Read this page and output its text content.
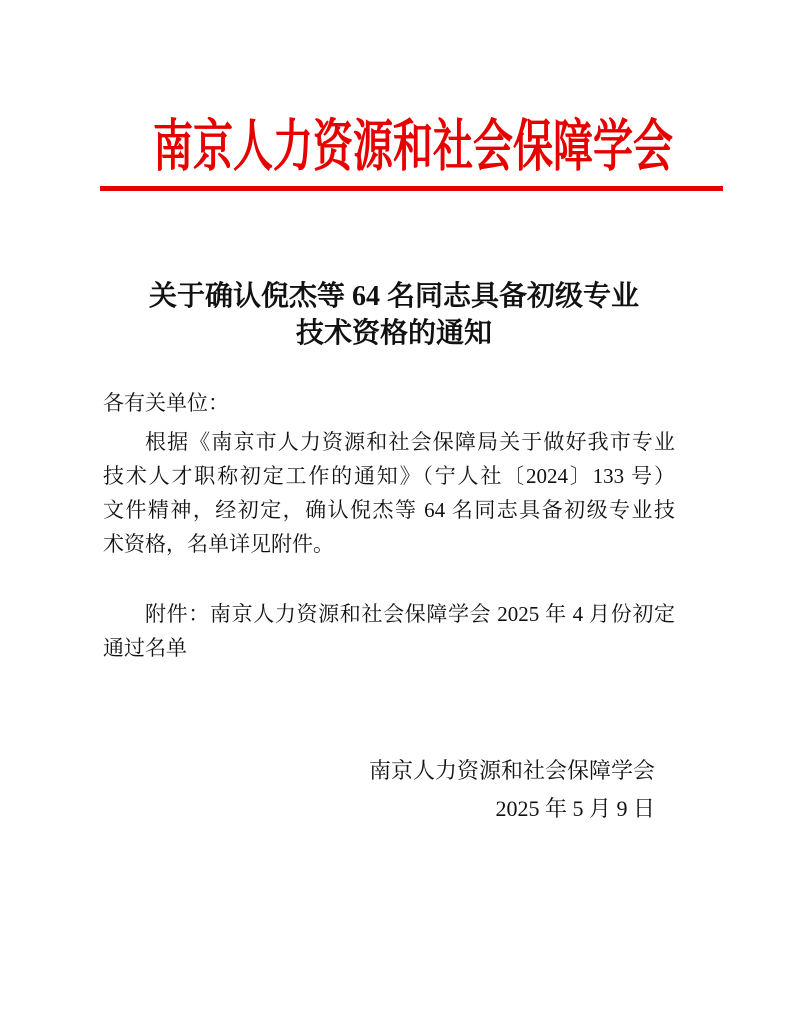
南京人力资源和社会保障学会
关于确认倪杰等 64 名同志具备初级专业
技术资格的通知

各有关单位：

根据《南京市人力资源和社会保障局关于做好我市专业
技术人才职称初定工作的通知》（宁人社〔2024〕133 号）
文件精神，经初定，确认倪杰等 64 名同志具备初级专业技
术资格，名单详见附件。
附件：南京人力资源和社会保障学会 2025 年 4 月份初定
通过名单
南京人力资源和社会保障学会
2025 年 5 月 9 日
